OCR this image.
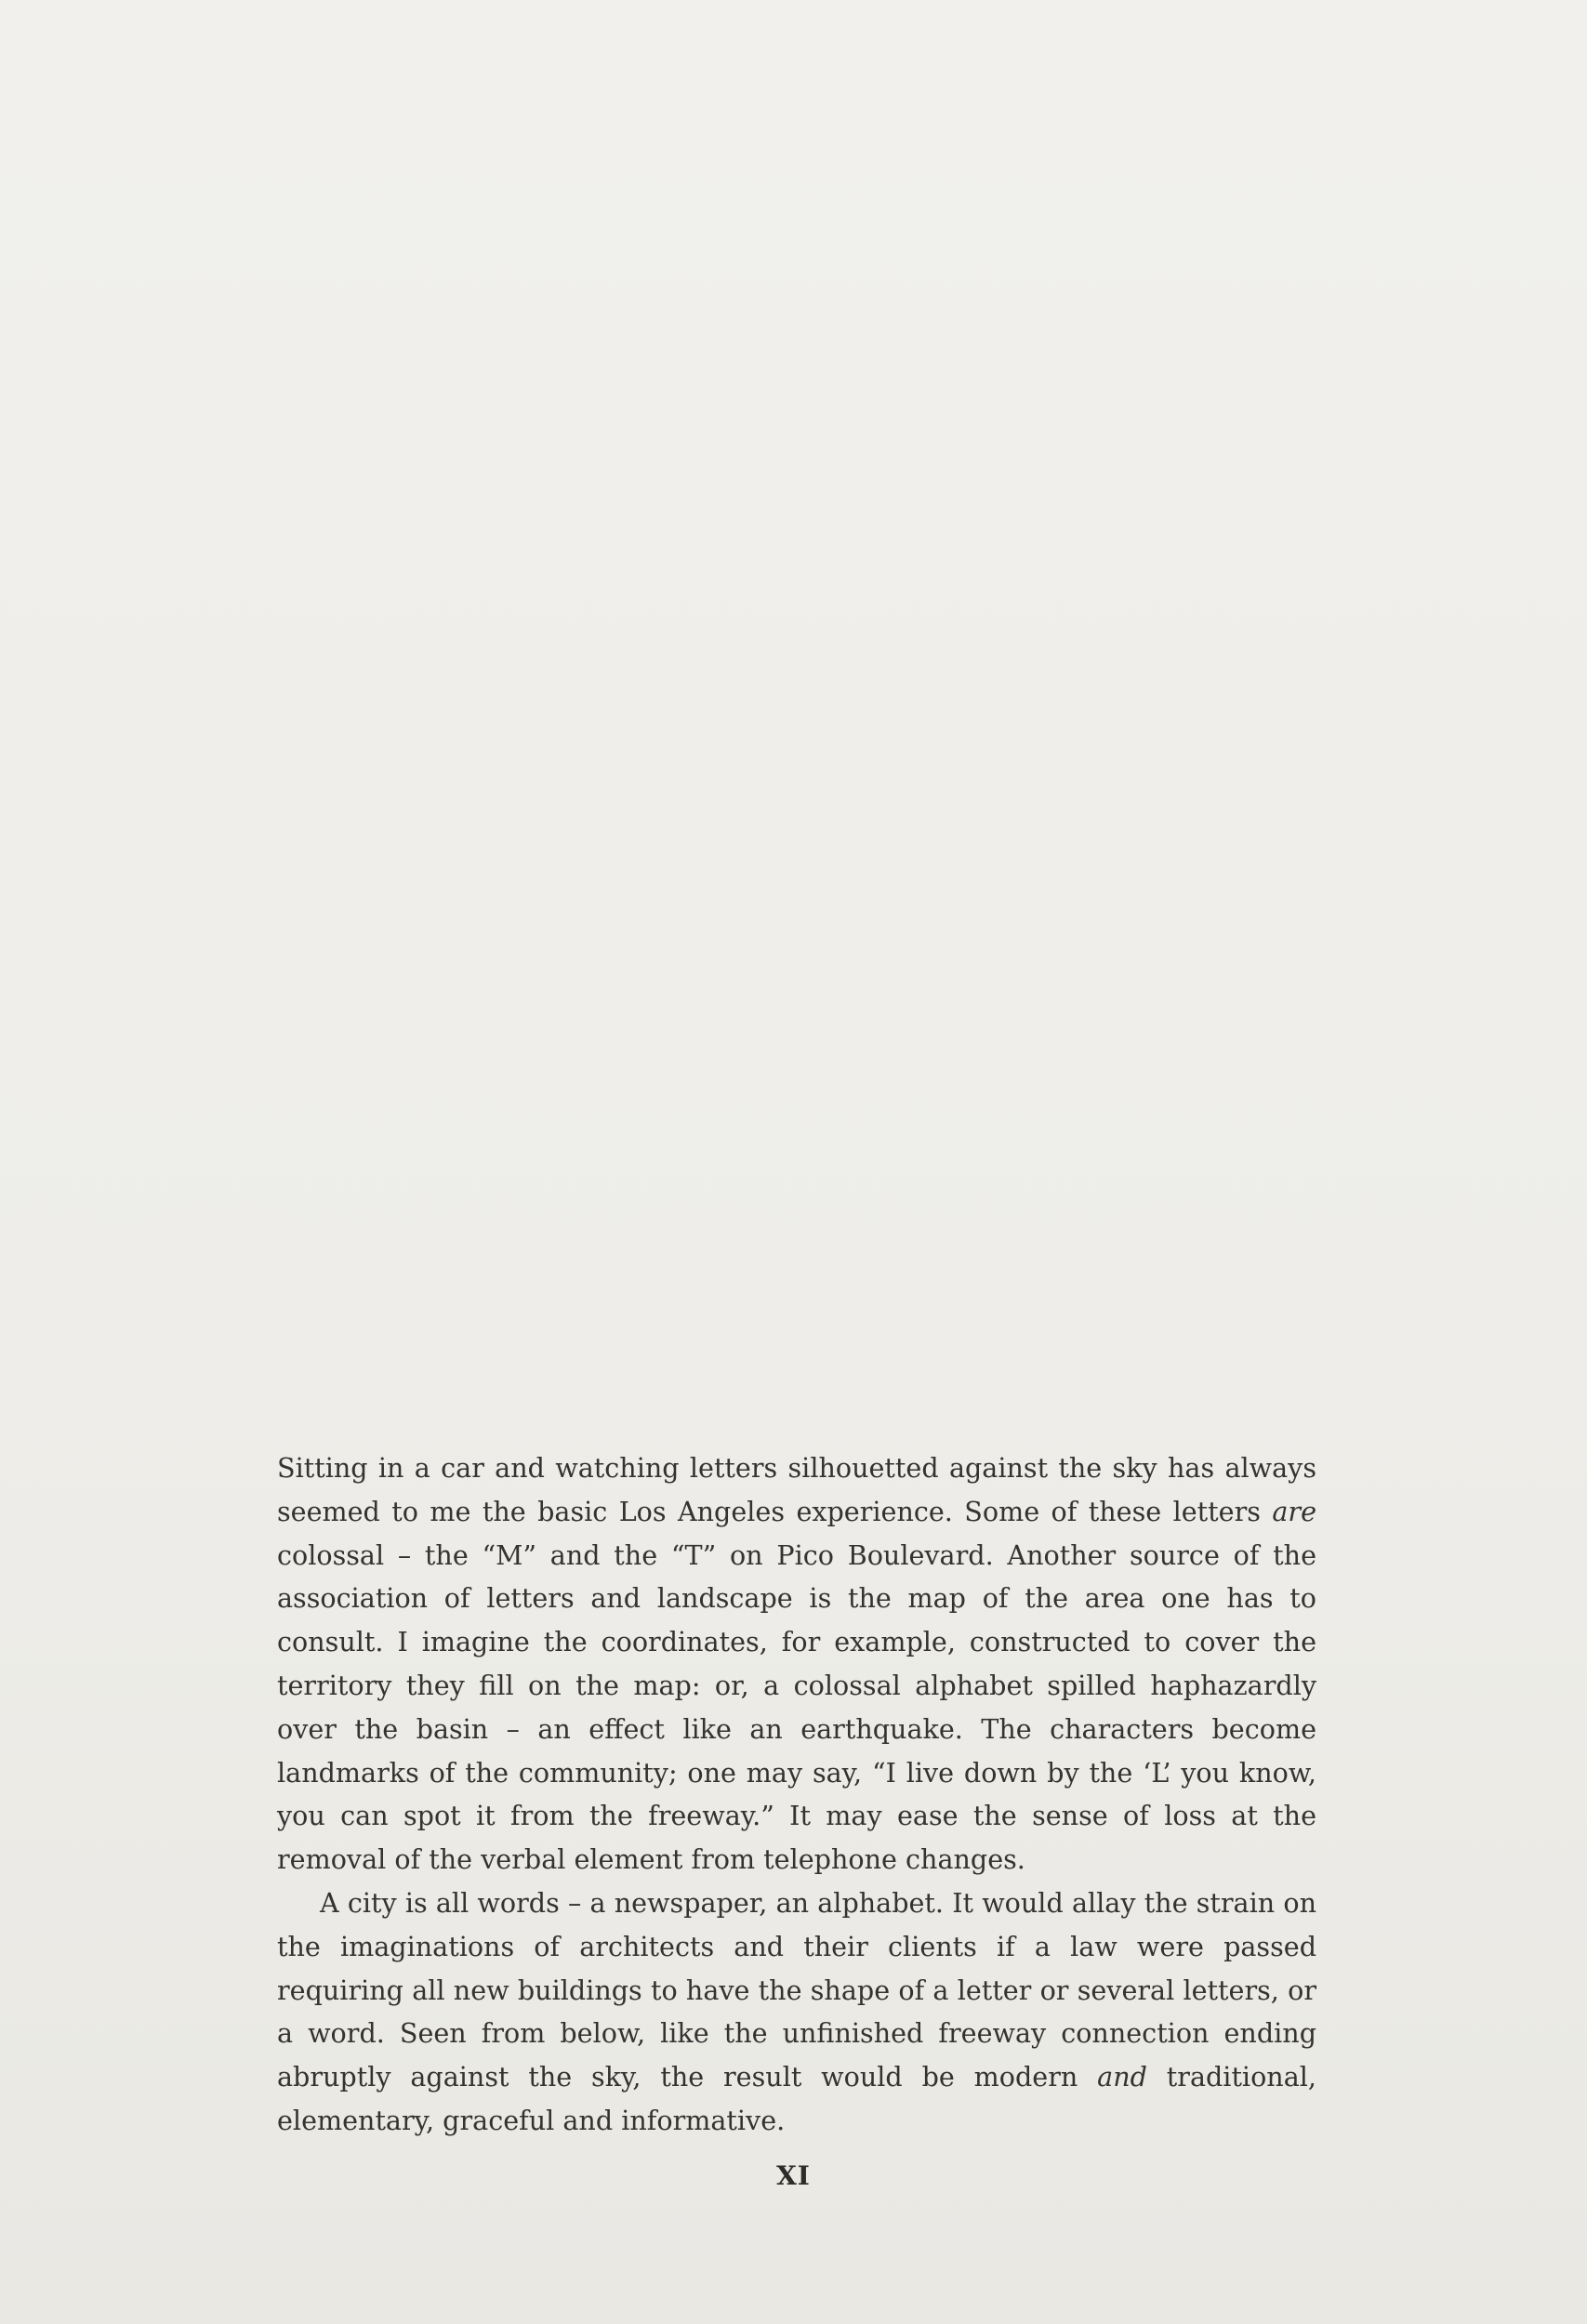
Sitting in a car and watching letters silhouetted against the sky has always seemed to me the basic Los Angeles experience. Some of these letters are colossal – the “M” and the “T” on Pico Boulevard. Another source of the association of letters and landscape is the map of the area one has to consult. I imagine the coordinates, for example, constructed to cover the territory they fill on the map: or, a colossal alphabet spilled haphazardly over the basin – an effect like an earthquake. The characters become landmarks of the community; one may say, “I live down by the ‘L’ you know, you can spot it from the freeway.” It may ease the sense of loss at the removal of the verbal element from telephone changes.

A city is all words – a newspaper, an alphabet. It would allay the strain on the imaginations of architects and their clients if a law were passed requiring all new buildings to have the shape of a letter or several letters, or a word. Seen from below, like the unfinished freeway connection ending abruptly against the sky, the result would be modern and traditional, elementary, graceful and informative.

XI
